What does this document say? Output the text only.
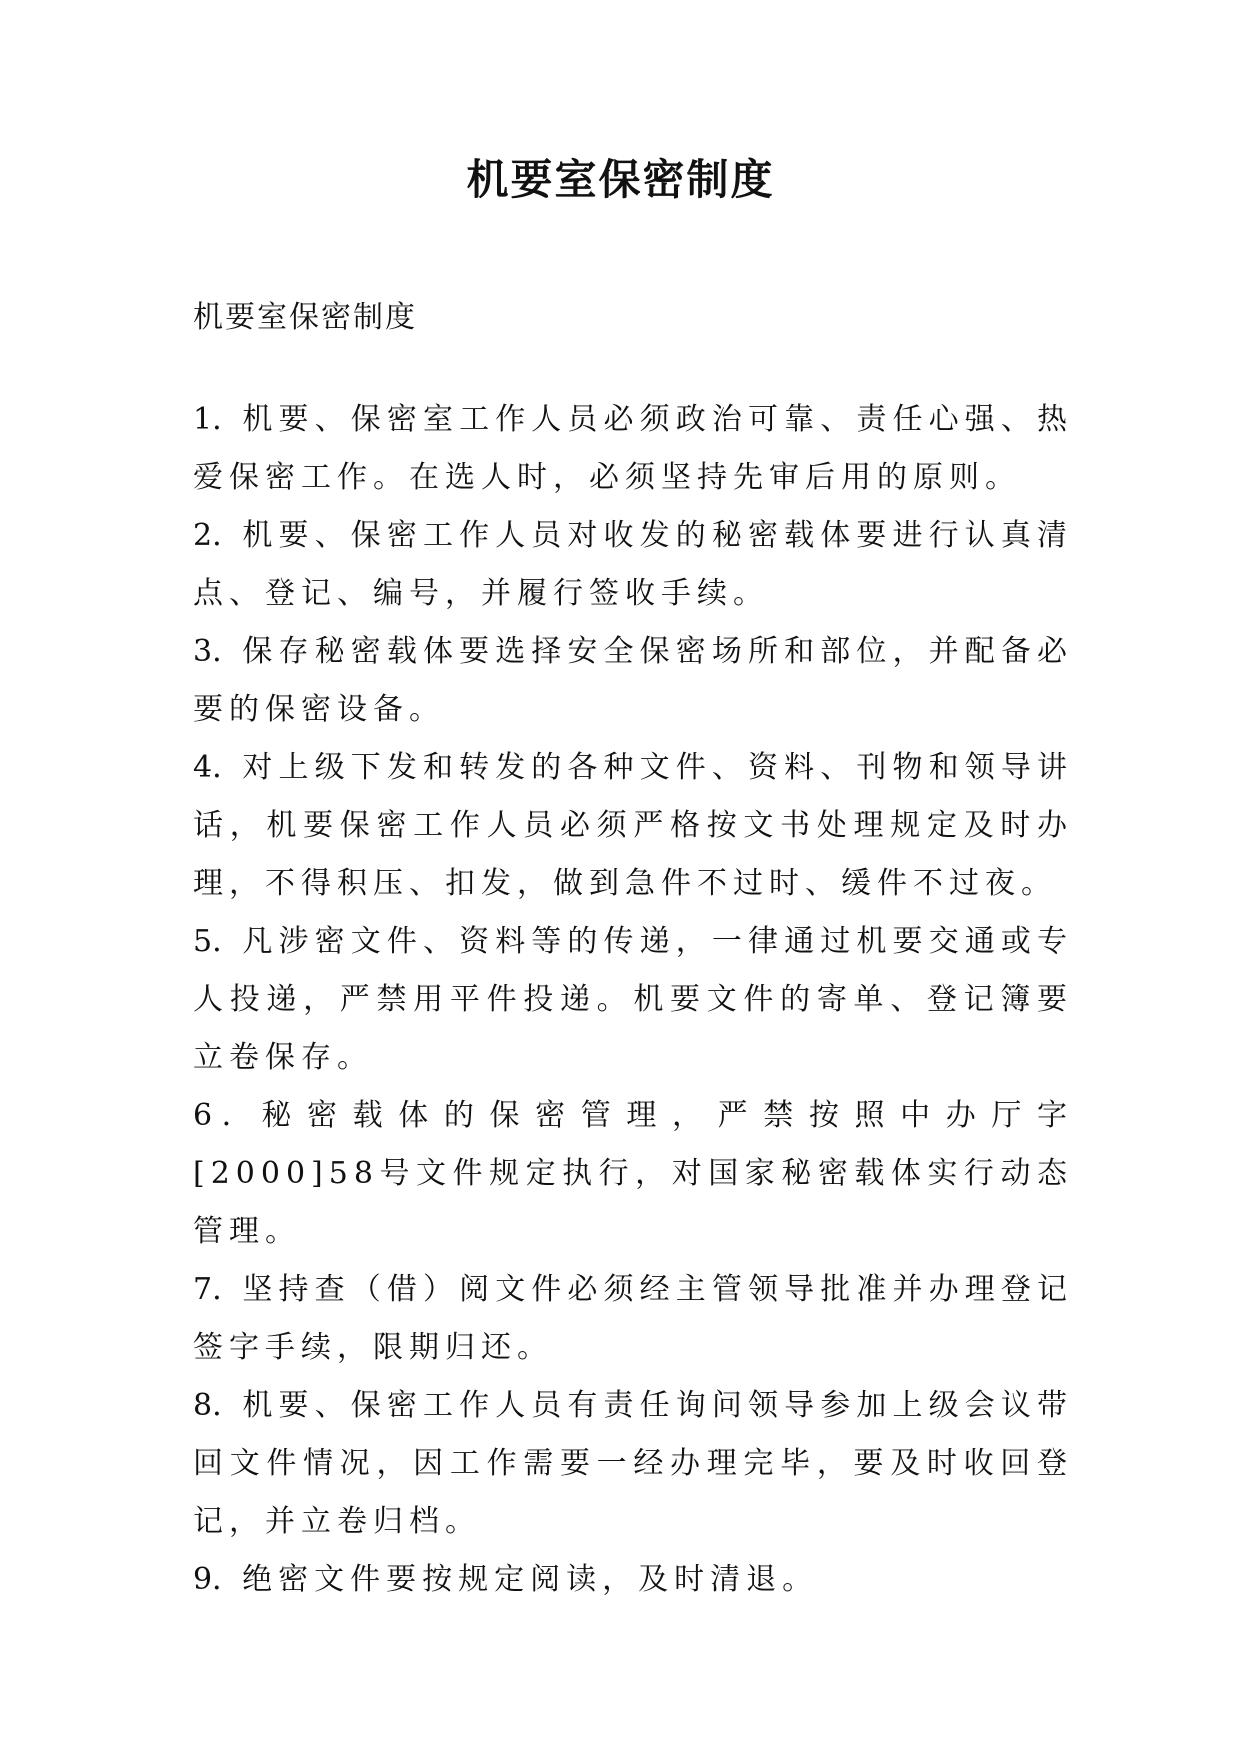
机要室保密制度

机要室保密制度

1．机要、保密室工作人员必须政治可靠、责任心强、热爱保密工作。在选人时，必须坚持先审后用的原则。

2．机要、保密工作人员对收发的秘密载体要进行认真清点、登记、编号，并履行签收手续。

3．保存秘密载体要选择安全保密场所和部位，并配备必要的保密设备。

4．对上级下发和转发的各种文件、资料、刊物和领导讲话，机要保密工作人员必须严格按文书处理规定及时办理，不得积压、扣发，做到急件不过时、缓件不过夜。

5．凡涉密文件、资料等的传递，一律通过机要交通或专人投递，严禁用平件投递。机要文件的寄单、登记簿要立卷保存。

6．秘密载体的保密管理，严禁按照中办厅字[2000]58号文件规定执行，对国家秘密载体实行动态管理。

7．坚持查（借）阅文件必须经主管领导批准并办理登记签字手续，限期归还。

8．机要、保密工作人员有责任询问领导参加上级会议带回文件情况，因工作需要一经办理完毕，要及时收回登记，并立卷归档。

9．绝密文件要按规定阅读，及时清退。
